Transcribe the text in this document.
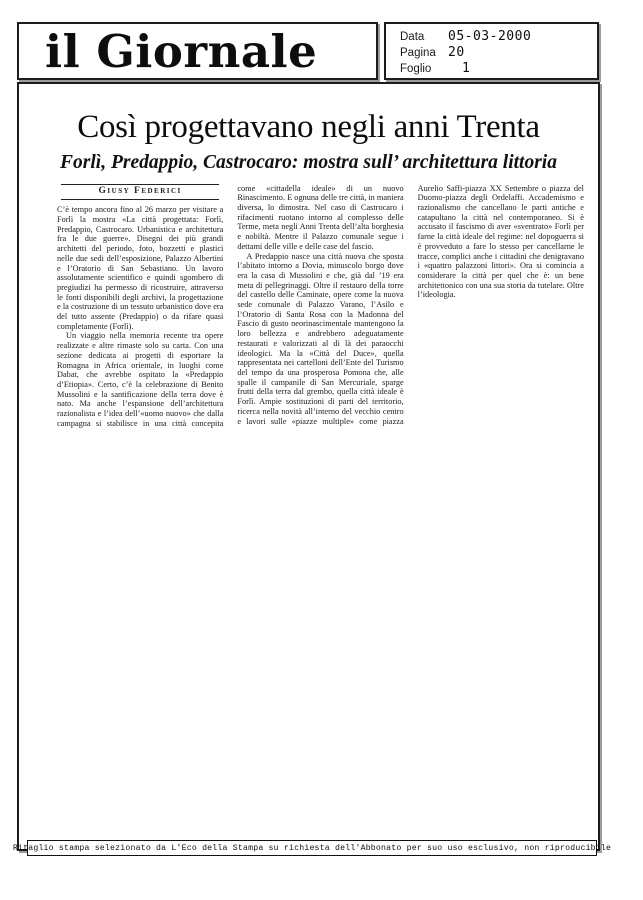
il Giornale	Data	05-03-2000
Pagina 20
Foglio	1
Così progettavano negli anni Trenta
Forlì, Predappio, Castrocaro: mostra sull’ architettura littoria
Giusy Federici

C’è tempo ancora fino al 26 marzo per visitare a Forlì la mostra «La città progettata: Forlì, Predappio, Castrocaro. Urbanistica e architettura fra le due guerre». Disegni dei più grandi architetti del periodo, foto, bozzetti e plastici nelle due sedi dell’esposizione, Palazzo Albertini e l’Oratorio di San Sebastiano. Un lavoro assolutamente scientifico e quindi sgombero di pregiudizi ha permesso di ricostruire, attraverso le fonti disponibili degli archivi, la progettazione e la costruzione di un tessuto urbanistico dove era del tutto assente (Predappio) o da rifare quasi completamente (Forlì).

Un viaggio nella memoria recente tra opere realizzate e altre rimaste solo su carta. Con una sezione dedicata ai progetti di esportare la Romagna in Africa orientale, in luoghi come Dabat, che avrebbe ospitato la «Predappio d’Etiopia». Certo, c’è la celebrazione di Benito Mussolini e la santificazione della terra dove è nato. Ma anche l’espansione dell’architettura razionalista e l’idea dell’«uomo nuovo» che dalla campagna si stabilisce in una città concepita come «cittadella ideale» di un nuovo Rinascimento. E ognuna delle tre città, in maniera diversa, lo dimostra. Nel caso di Castrocaro i rifacimenti ruotano intorno al complesso delle Terme, meta negli Anni Trenta dell’alta borghesia e nobiltà. Mentre il Palazzo comunale segue i dettami delle ville e delle case del fascio.

A Predappio nasce una città nuova che sposta l’abitato intorno a Dovia, minuscolo borgo dove era la casa di Mussolini e che, già dal ’19 era meta di pellegrinaggi. Oltre il restauro della torre del castello delle Caminate, opere come la nuova sede comunale di Palazzo Varano, l’Asilo e l’Oratorio di Santa Rosa con la Madonna del Fascio di gusto neorinascimentale mantengono la loro bellezza e andrebbero adeguatamente restaurati e valorizzati al di là dei paraocchi ideologici. Ma la «Città del Duce», quella rappresentata nei cartelloni dell’Ente del Turismo del tempo da una prosperosa Pomona che, alle spalle il campanile di San Mercuriale, sparge frutti della terra dal grembo, quella città ideale è Forlì. Ampie sostituzioni di parti del territorio, ricerca nella novità all’interno del vecchio centro e lavori sulle «piazze multiple» come piazza Aurelio Saffi-piazza XX Settembre o piazza del Duomo-piazza degli Ordelaffi. Accademismo e razionalismo che cancellano le parti antiche e catapultano la città nel contemporaneo. Si è accusato il fascismo di aver «sventrato» Forlì per farne la città ideale del regime: nel dopoguerra si è provveduto a fare lo stesso per cancellarne le tracce, complici anche i cittadini che denigravano i «quattro palazzoni littori». Ora si comincia a considerare la città per quel che è: un bene architettonico con una sua storia da tutelare. Oltre l’ideologia.

Ritaglio stampa selezionato da L'Eco della Stampa su richiesta dell'Abbonato per suo uso esclusivo, non riproducibile
